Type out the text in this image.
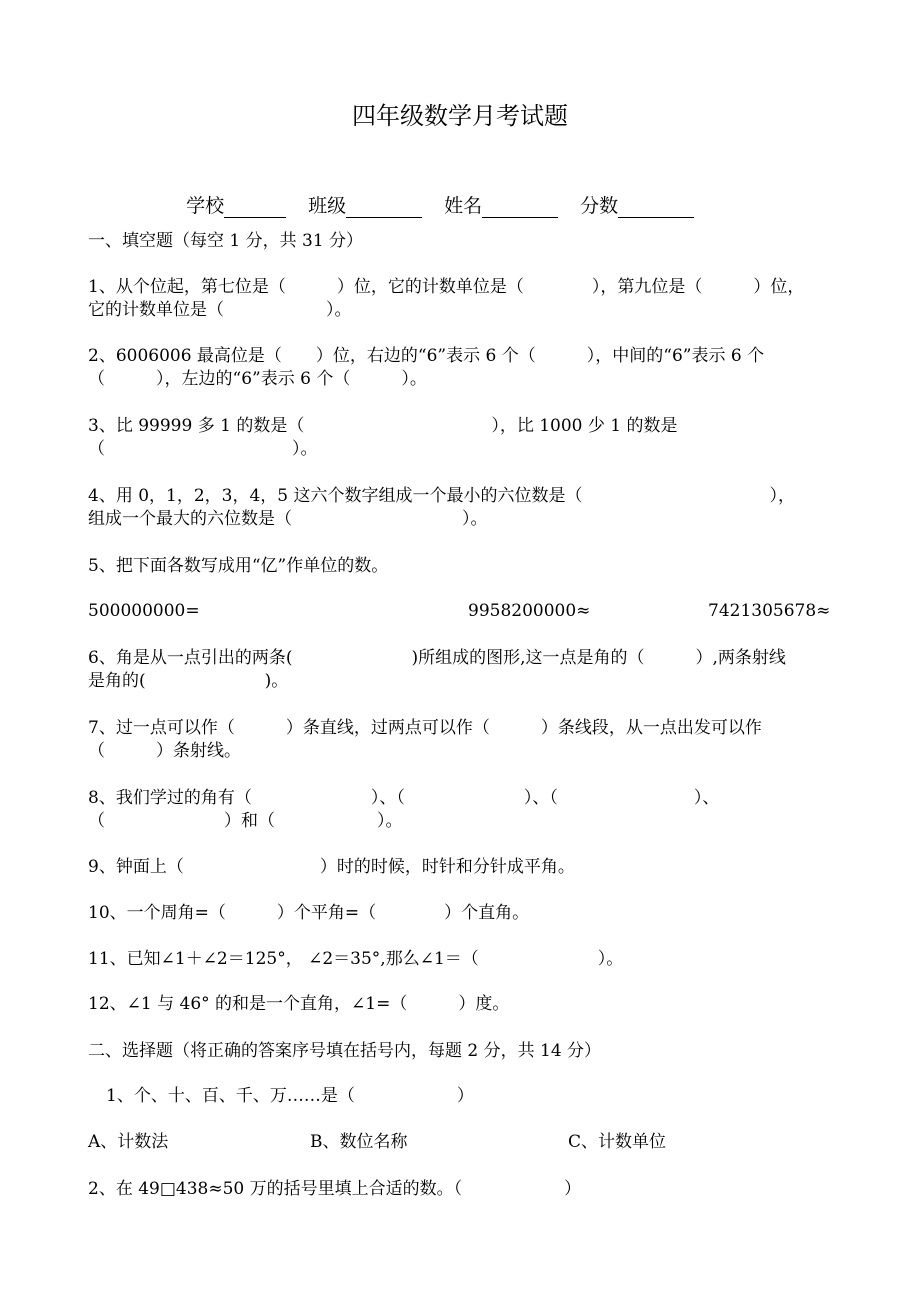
四年级数学月考试题

学校	班级	姓名	分数

一、填空题（每空 1 分，共 31 分）
1、从个位起，第七位是（　　　）位，它的计数单位是（　　　　），第九位是（　　　）位，
它的计数单位是（　　　　　　）。
2、6006006 最高位是（　　）位，右边的“6”表示 6 个（　　　），中间的“6”表示 6 个
（　　　），左边的“6”表示 6 个（　　　）。
3、比 99999 多 1 的数是（　　　　　　　　　　　），比 1000 少 1 的数是
（　　　　　　　　　　　）。
4、用 0，1，2，3，4，5 这六个数字组成一个最小的六位数是（　　　　　　　　　　　），
组成一个最大的六位数是（　　　　　　　　　　）。
5、把下面各数写成用“亿”作单位的数。
500000000=	9958200000≈	7421305678≈
6、角是从一点引出的两条(　　　　　　　)所组成的图形,这一点是角的（　　　）,两条射线
是角的(　　　　　　　)。
7、过一点可以作（　　　）条直线，过两点可以作（　　　）条线段，从一点出发可以作
（　　　）条射线。
8、我们学过的角有（　　　　　　　）、（　　　　　　　）、（　　　　　　　　）、
（　　　　　　　）和（　　　　　　）。
9、钟面上（　　　　　　　　）时的时候，时针和分针成平角。
10、一个周角=（　　　）个平角=（　　　　）个直角。
11、已知∠1＋∠2＝125°， ∠2＝35°,那么∠1＝（　　　　　　　）。
12、∠1 与 46° 的和是一个直角，∠1=（　　　）度。
二、选择题（将正确的答案序号填在括号内，每题 2 分，共 14 分）
1、个、十、百、千、万……是（　　　　　　）
A、计数法	B、数位名称	C、计数单位
2、在 49□438≈50 万的括号里填上合适的数。（　　　　　　）
